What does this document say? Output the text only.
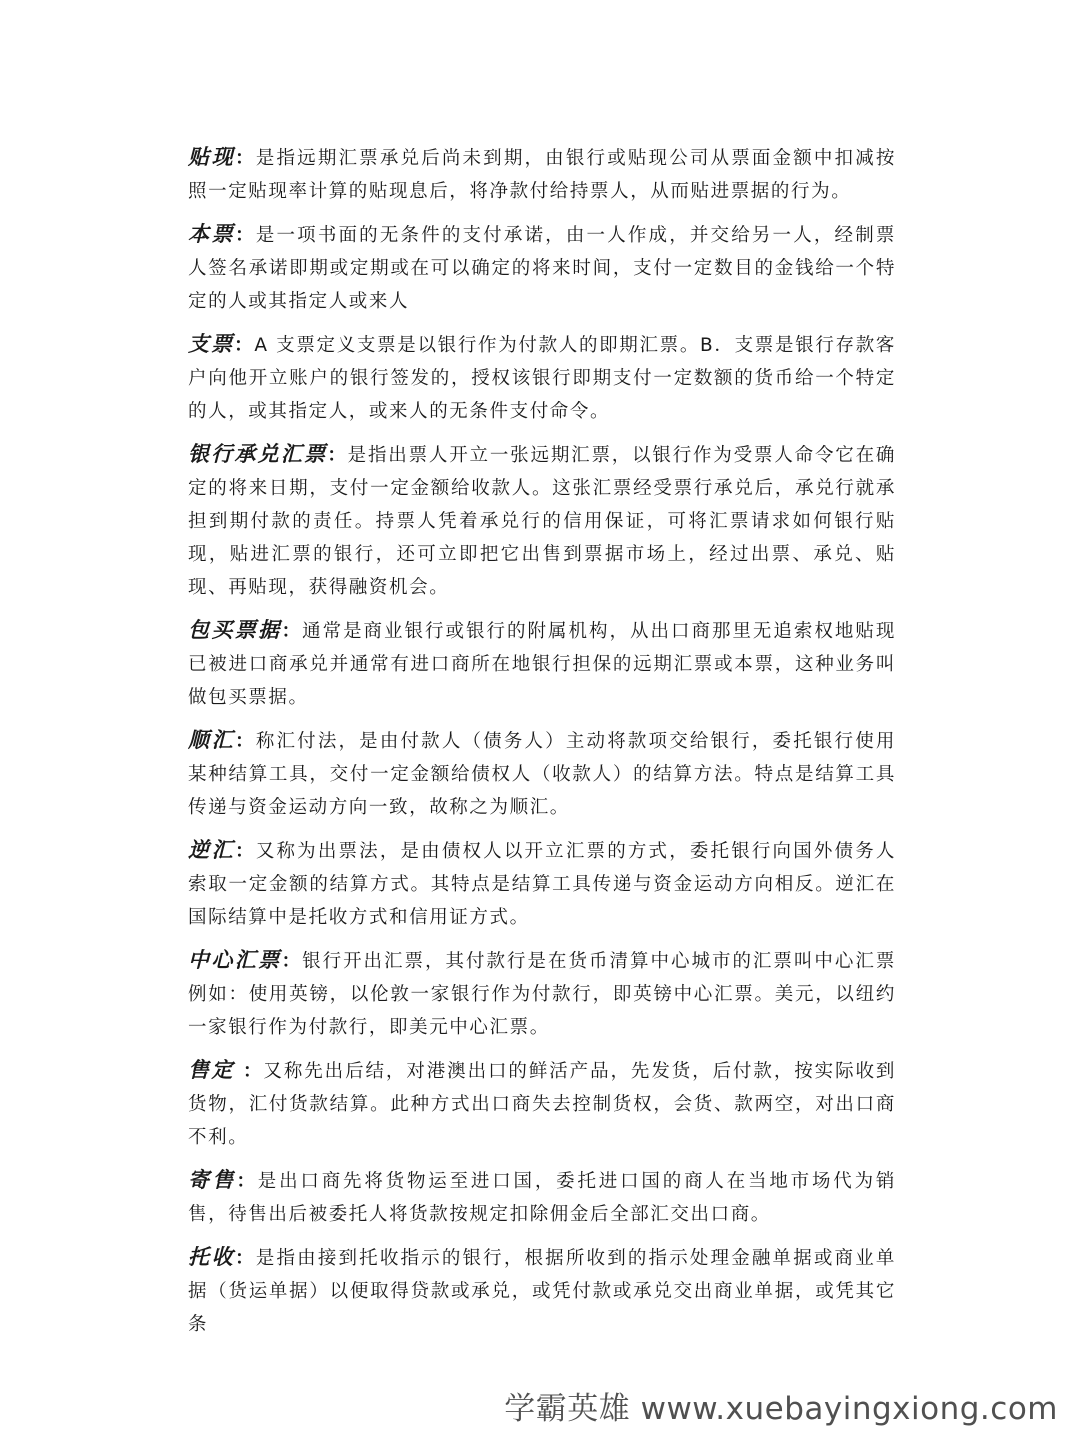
贴现：是指远期汇票承兑后尚未到期，由银行或贴现公司从票面金额中扣减按照一定贴现率计算的贴现息后，将净款付给持票人，从而贴进票据的行为。

本票：是一项书面的无条件的支付承诺，由一人作成，并交给另一人，经制票人签名承诺即期或定期或在可以确定的将来时间，支付一定数目的金钱给一个特定的人或其指定人或来人

支票：A 支票定义支票是以银行作为付款人的即期汇票。B．支票是银行存款客户向他开立账户的银行签发的，授权该银行即期支付一定数额的货币给一个特定的人，或其指定人，或来人的无条件支付命令。

银行承兑汇票：是指出票人开立一张远期汇票，以银行作为受票人命令它在确定的将来日期，支付一定金额给收款人。这张汇票经受票行承兑后，承兑行就承担到期付款的责任。持票人凭着承兑行的信用保证，可将汇票请求如何银行贴现，贴进汇票的银行，还可立即把它出售到票据市场上，经过出票、承兑、贴现、再贴现，获得融资机会。

包买票据：通常是商业银行或银行的附属机构，从出口商那里无追索权地贴现已被进口商承兑并通常有进口商所在地银行担保的远期汇票或本票，这种业务叫做包买票据。

顺汇：称汇付法，是由付款人（债务人）主动将款项交给银行，委托银行使用某种结算工具，交付一定金额给债权人（收款人）的结算方法。特点是结算工具传递与资金运动方向一致，故称之为顺汇。

逆汇：又称为出票法，是由债权人以开立汇票的方式，委托银行向国外债务人索取一定金额的结算方式。其特点是结算工具传递与资金运动方向相反。逆汇在国际结算中是托收方式和信用证方式。

中心汇票：银行开出汇票，其付款行是在货币清算中心城市的汇票叫中心汇票例如：使用英镑，以伦敦一家银行作为付款行，即英镑中心汇票。美元，以纽约一家银行作为付款行，即美元中心汇票。

售定 ：又称先出后结，对港澳出口的鲜活产品，先发货，后付款，按实际收到货物，汇付货款结算。此种方式出口商失去控制货权，会货、款两空，对出口商不利。

寄售：是出口商先将货物运至进口国，委托进口国的商人在当地市场代为销售，待售出后被委托人将货款按规定扣除佣金后全部汇交出口商。

托收：是指由接到托收指示的银行，根据所收到的指示处理金融单据或商业单据（货运单据）以便取得贷款或承兑，或凭付款或承兑交出商业单据，或凭其它条

学霸英雄 www.xuebayingxiong.com
